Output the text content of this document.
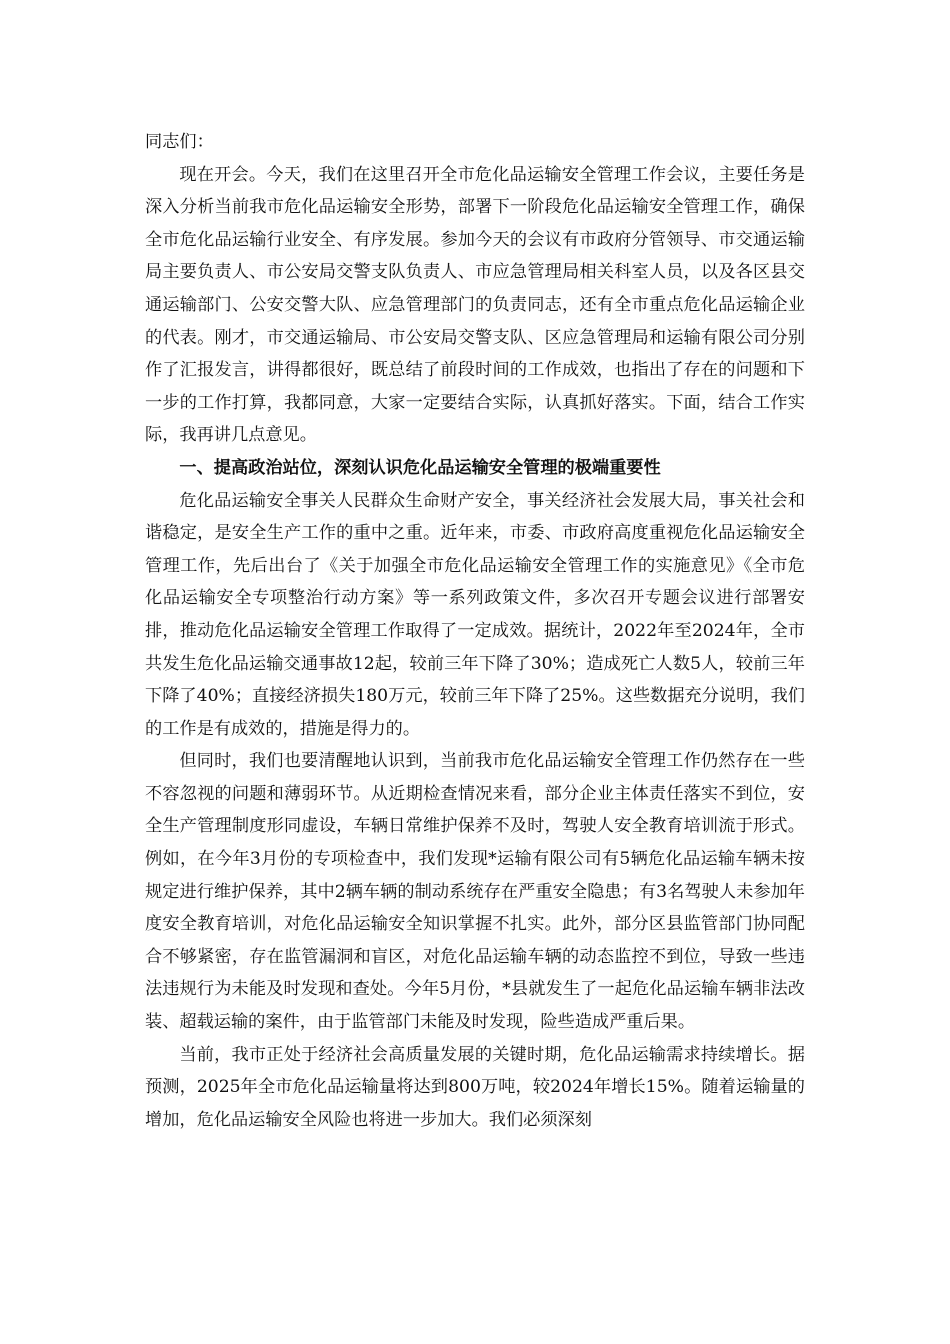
同志们：

现在开会。今天，我们在这里召开全市危化品运输安全管理工作会议，主要任务是深入分析当前我市危化品运输安全形势，部署下一阶段危化品运输安全管理工作，确保全市危化品运输行业安全、有序发展。参加今天的会议有市政府分管领导、市交通运输局主要负责人、市公安局交警支队负责人、市应急管理局相关科室人员，以及各区县交通运输部门、公安交警大队、应急管理部门的负责同志，还有全市重点危化品运输企业的代表。刚才，市交通运输局、市公安局交警支队、区应急管理局和运输有限公司分别作了汇报发言，讲得都很好，既总结了前段时间的工作成效，也指出了存在的问题和下一步的工作打算，我都同意，大家一定要结合实际，认真抓好落实。下面，结合工作实际，我再讲几点意见。

一、提高政治站位，深刻认识危化品运输安全管理的极端重要性

危化品运输安全事关人民群众生命财产安全，事关经济社会发展大局，事关社会和谐稳定，是安全生产工作的重中之重。近年来，市委、市政府高度重视危化品运输安全管理工作，先后出台了《关于加强全市危化品运输安全管理工作的实施意见》《全市危化品运输安全专项整治行动方案》等一系列政策文件，多次召开专题会议进行部署安排，推动危化品运输安全管理工作取得了一定成效。据统计，2022年至2024年，全市共发生危化品运输交通事故12起，较前三年下降了30%；造成死亡人数5人，较前三年下降了40%；直接经济损失180万元，较前三年下降了25%。这些数据充分说明，我们的工作是有成效的，措施是得力的。

但同时，我们也要清醒地认识到，当前我市危化品运输安全管理工作仍然存在一些不容忽视的问题和薄弱环节。从近期检查情况来看，部分企业主体责任落实不到位，安全生产管理制度形同虚设，车辆日常维护保养不及时，驾驶人安全教育培训流于形式。例如，在今年3月份的专项检查中，我们发现*运输有限公司有5辆危化品运输车辆未按规定进行维护保养，其中2辆车辆的制动系统存在严重安全隐患；有3名驾驶人未参加年度安全教育培训，对危化品运输安全知识掌握不扎实。此外，部分区县监管部门协同配合不够紧密，存在监管漏洞和盲区，对危化品运输车辆的动态监控不到位，导致一些违法违规行为未能及时发现和查处。今年5月份，*县就发生了一起危化品运输车辆非法改装、超载运输的案件，由于监管部门未能及时发现，险些造成严重后果。

当前，我市正处于经济社会高质量发展的关键时期，危化品运输需求持续增长。据预测，2025年全市危化品运输量将达到800万吨，较2024年增长15%。随着运输量的增加，危化品运输安全风险也将进一步加大。我们必须深刻
